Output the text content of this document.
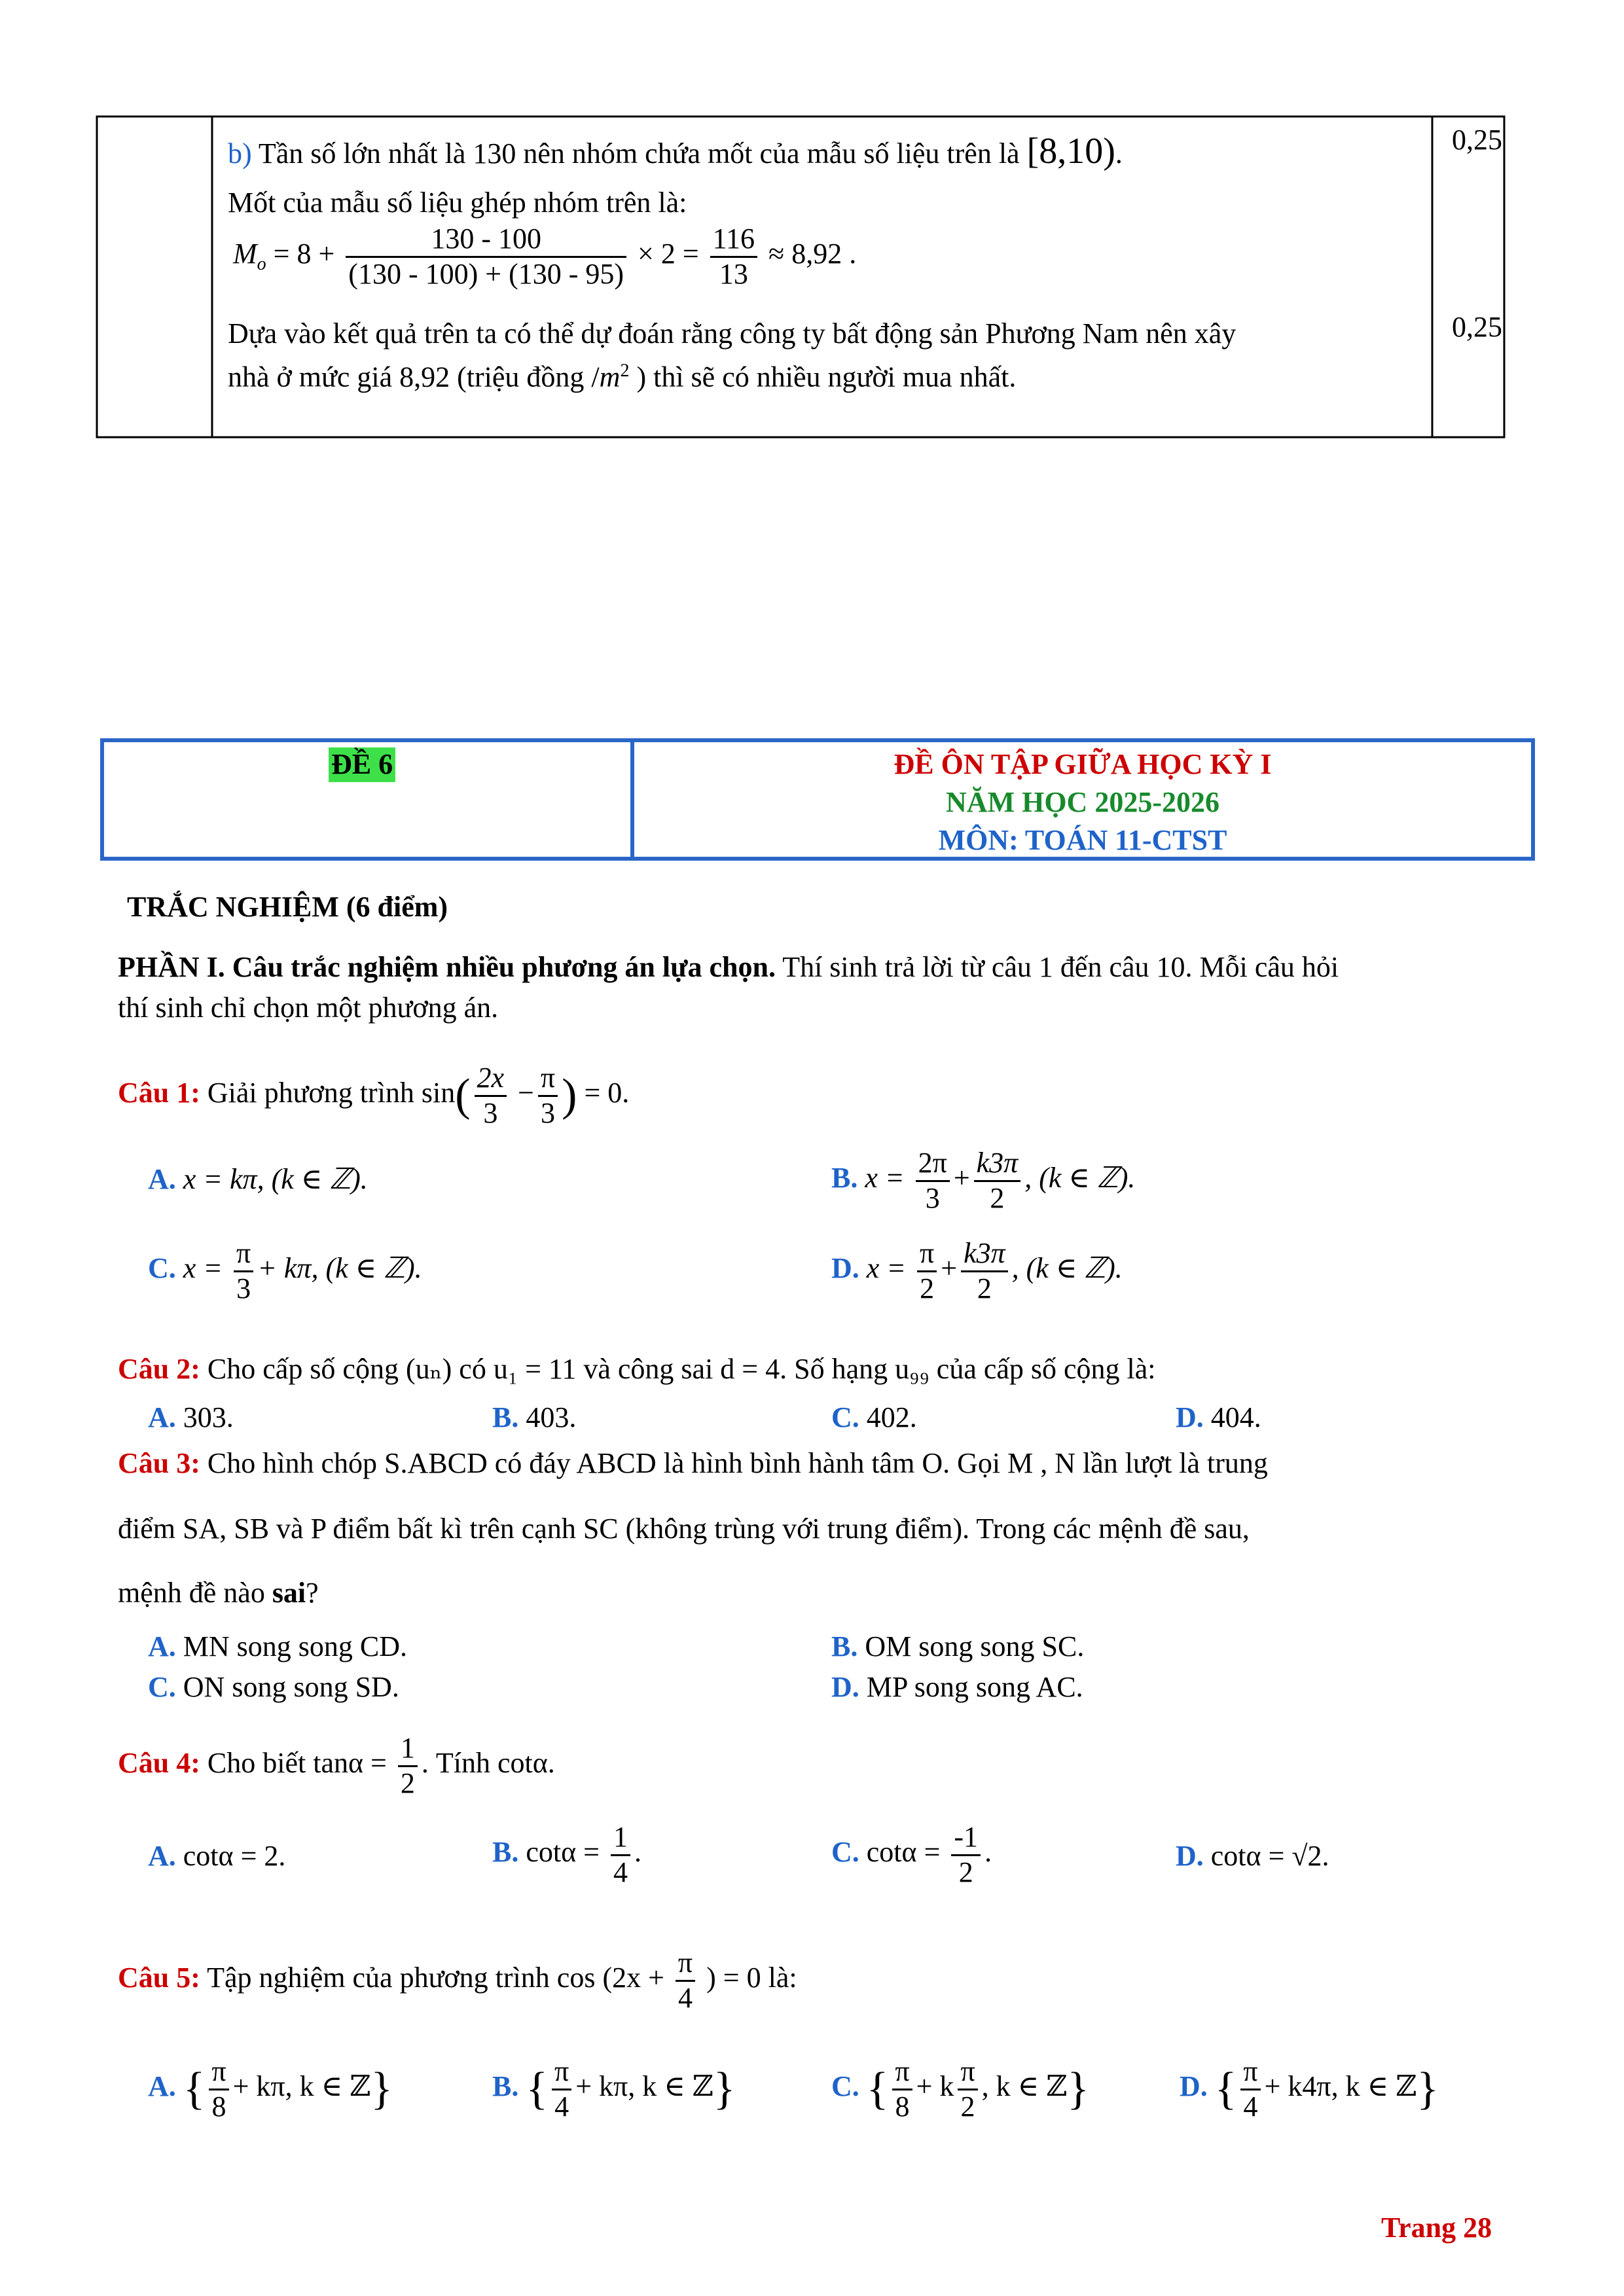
b) Tần số lớn nhất là 130 nên nhóm chứa mốt của mẫu số liệu trên là [8,10).	0,25
Mốt của mẫu số liệu ghép nhóm trên là:
$M_o = 8 + \frac{130 - 100}{(130 - 100) + (130 - 95)} \times 2 = \frac{116}{13} \approx 8,92$ .
Dựa vào kết quả trên ta có thể dự đoán rằng công ty bất động sản Phương Nam nên xây	0,25
nhà ở mức giá 8,92 (triệu đồng $/m^2$ ) thì sẽ có nhiều người mua nhất.
ĐỀ 6	ĐỀ ÔN TẬP GIỮA HỌC KỲ I
NĂM HỌC 2025-2026
MÔN: TOÁN 11-CTST
TRẮC NGHIỆM (6 điểm)
PHẦN I. Câu trắc nghiệm nhiều phương án lựa chọn. Thí sinh trả lời từ câu 1 đến câu 10. Mỗi câu hỏi
thí sinh chỉ chọn một phương án.
Câu 1: Giải phương trình $\sin( \frac{2x}{3} - \frac{\pi}{3}$ ) = 0.
A. x = kπ, (k ∈ ℤ).	B. $x = \frac{2\pi}{3} + \frac{k3\pi}{2}$ , (k ∈ ℤ).
C. $x = \frac{\pi}{3} + k\pi$, (k ∈ ℤ).	D. $x = \frac{\pi}{2} + \frac{k3\pi}{2}$ , (k ∈ ℤ).
Câu 2: Cho cấp số cộng (uₙ) có u₁ = 11 và công sai d = 4. Số hạng u₉₉ của cấp số cộng là:
A. 303.	B. 403.	C. 402.	D. 404.
Câu 3: Cho hình chóp S.ABCD có đáy ABCD là hình bình hành tâm O. Gọi M , N lần lượt là trung
điểm SA, SB và P điểm bất kì trên cạnh SC (không trùng với trung điểm). Trong các mệnh đề sau,
mệnh đề nào sai?
A. MN song song CD.	B. OM song song SC.
C. ON song song SD.	D. MP song song AC.
Câu 4: Cho biết $\tan\alpha = \frac{1}{2}$ . Tính cotα.
A. cotα = 2.	B. $\cot\alpha = \frac{1}{4}$ .	C. $\cot\alpha = \frac{-1}{2}$ .	D. cotα = √2.
Câu 5: Tập nghiệm của phương trình $\cos (2x + \frac{\pi}{4}$ ) = 0 là:
A. { $\frac{\pi}{8} + k\pi$, k ∈ ℤ}	B. { $\frac{\pi}{4} + k\pi$, k ∈ ℤ}	C. { $\frac{\pi}{8} + k \frac{\pi}{2}$ , k ∈ ℤ}	D. { $\frac{\pi}{4} + k4\pi$, k ∈ ℤ}
Trang 28
